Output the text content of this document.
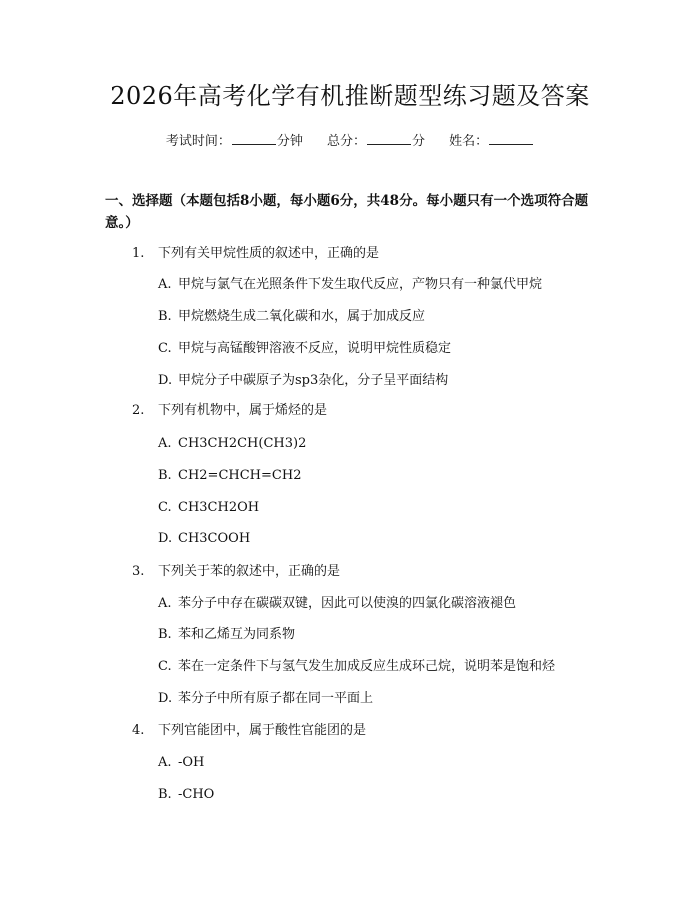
2026年高考化学有机推断题型练习题及答案
考试时间：	分钟 总分：	分 姓名：
一、选择题（本题包括8小题，每小题6分，共48分。每小题只有一个选项符合题意。）
1. 下列有关甲烷性质的叙述中，正确的是
A. 甲烷与氯气在光照条件下发生取代反应，产物只有一种氯代甲烷
B. 甲烷燃烧生成二氧化碳和水，属于加成反应
C. 甲烷与高锰酸钾溶液不反应，说明甲烷性质稳定
D. 甲烷分子中碳原子为sp3杂化，分子呈平面结构
2. 下列有机物中，属于烯烃的是
A. CH3CH2CH(CH3)2
B. CH2=CHCH=CH2
C. CH3CH2OH
D. CH3COOH
3. 下列关于苯的叙述中，正确的是
A. 苯分子中存在碳碳双键，因此可以使溴的四氯化碳溶液褪色
B. 苯和乙烯互为同系物
C. 苯在一定条件下与氢气发生加成反应生成环己烷，说明苯是饱和烃
D. 苯分子中所有原子都在同一平面上
4. 下列官能团中，属于酸性官能团的是
A. -OH
B. -CHO
